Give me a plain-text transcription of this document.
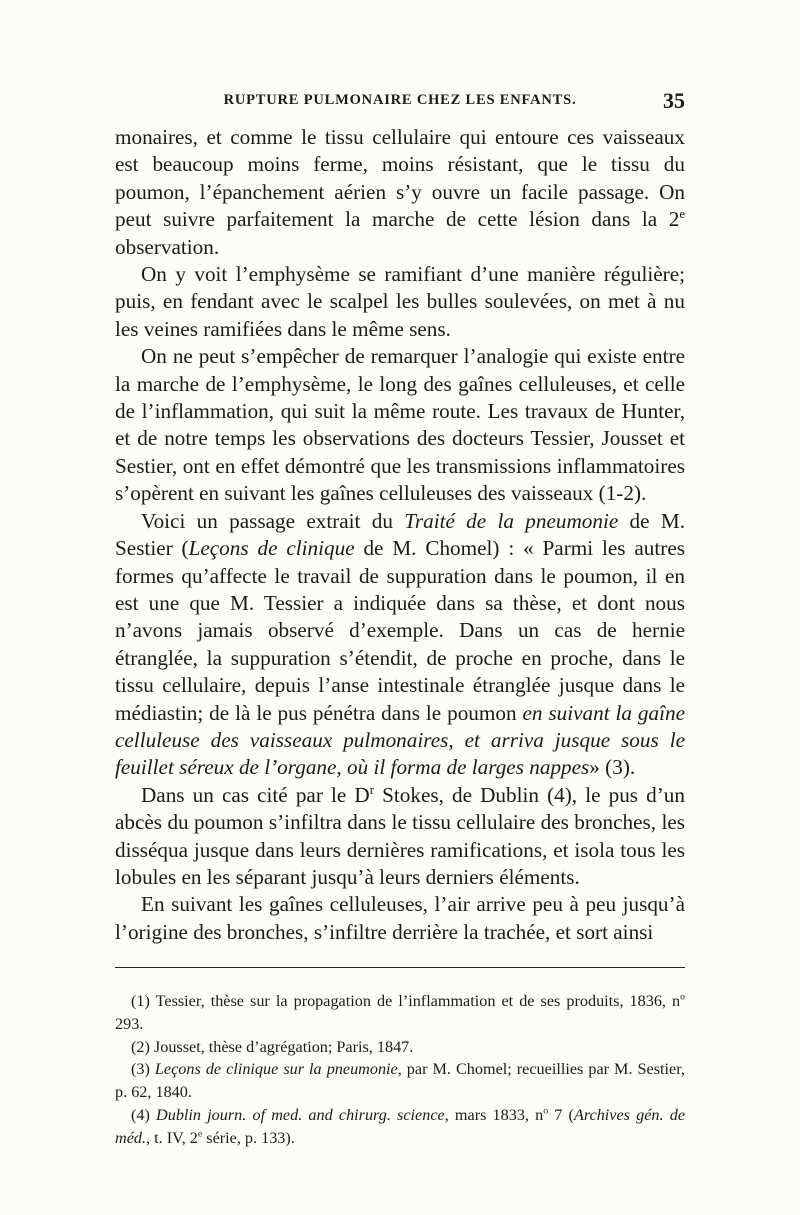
RUPTURE PULMONAIRE CHEZ LES ENFANTS.	35

monaires, et comme le tissu cellulaire qui entoure ces vaisseaux est beaucoup moins ferme, moins résistant, que le tissu du poumon, l’épanchement aérien s’y ouvre un facile passage. On peut suivre parfaitement la marche de cette lésion dans la 2e observation.

On y voit l’emphysème se ramifiant d’une manière régulière; puis, en fendant avec le scalpel les bulles soulevées, on met à nu les veines ramifiées dans le même sens.

On ne peut s’empêcher de remarquer l’analogie qui existe entre la marche de l’emphysème, le long des gaînes celluleuses, et celle de l’inflammation, qui suit la même route. Les travaux de Hunter, et de notre temps les observations des docteurs Tessier, Jousset et Sestier, ont en effet démontré que les transmissions inflammatoires s’opèrent en suivant les gaînes celluleuses des vaisseaux (1-2).

Voici un passage extrait du Traité de la pneumonie de M. Sestier (Leçons de clinique de M. Chomel) : « Parmi les autres formes qu’affecte le travail de suppuration dans le poumon, il en est une que M. Tessier a indiquée dans sa thèse, et dont nous n’avons jamais observé d’exemple. Dans un cas de hernie étranglée, la suppuration s’étendit, de proche en proche, dans le tissu cellulaire, depuis l’anse intestinale étranglée jusque dans le médiastin; de là le pus pénétra dans le poumon en suivant la gaîne celluleuse des vaisseaux pulmonaires, et arriva jusque sous le feuillet séreux de l’organe, où il forma de larges nappes» (3).

Dans un cas cité par le $D^r$ Stokes, de Dublin (4), le pus d’un abcès du poumon s’infiltra dans le tissu cellulaire des bronches, les disséqua jusque dans leurs dernières ramifications, et isola tous les lobules en les séparant jusqu’à leurs derniers éléments.

En suivant les gaînes celluleuses, l’air arrive peu à peu jusqu’à l’origine des bronches, s’infiltre derrière la trachée, et sort ainsi

(1) Tessier, thèse sur la propagation de l’inflammation et de ses produits, 1836, $n^o$ 293.

(2) Jousset, thèse d’agrégation; Paris, 1847.

(3) Leçons de clinique sur la pneumonie, par M. Chomel; recueillies par M. Sestier, p. 62, 1840.

(4) Dublin journ. of med. and chirurg. science, mars 1833, $n^o$ 7 (Archives gén. de méd., t. IV, 2e série, p. 133).
